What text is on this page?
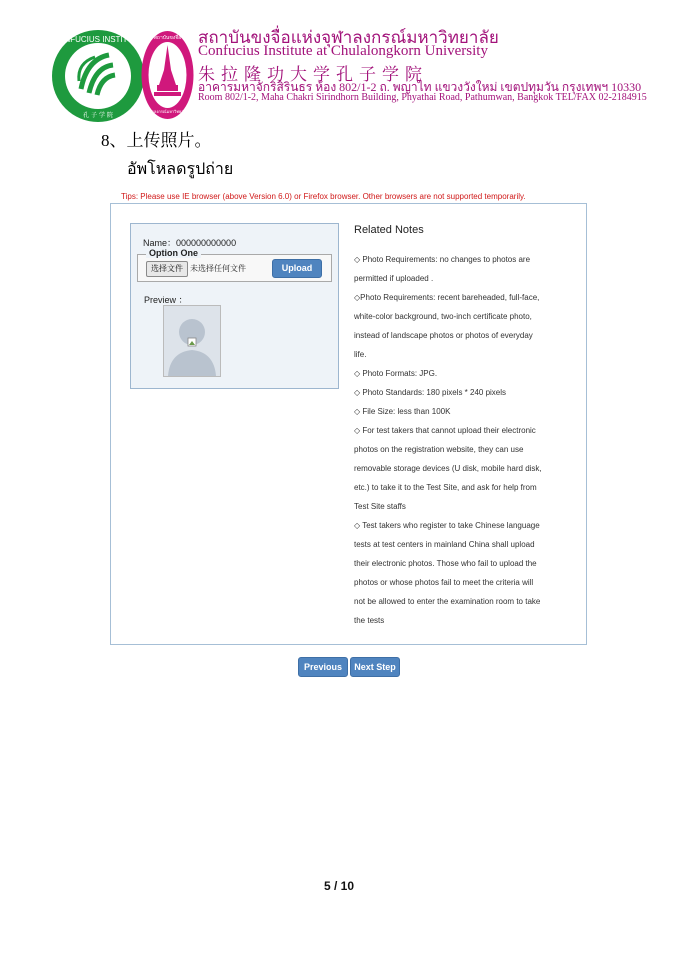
CONFUCIUS INSTITUTE
孔 子 学 院
สถาบันขงจื่อ
จุฬาลงกรณ์มหาวิทยาลัย
สถาบันขงจื่อแห่งจุฬาลงกรณ์มหาวิทยาลัย
Confucius Institute at Chulalongkorn University
朱拉隆功大学孔子学院
อาคารมหาจักริสิรินธร ห้อง 802/1-2 ถ. พญาไท แขวงวังใหม่ เขตปทุมวัน กรุงเทพฯ 10330
Room 802/1-2, Maha Chakri Sirindhorn Building, Phyathai Road, Pathumwan, Bangkok TEL/FAX 02-2184915
8、上传照片。
อัพโหลดรูปถ่าย
Tips: Please use IE browser (above Version 6.0) or Firefox browser. Other browsers are not supported temporarily.
Name：000000000000
Option One
选择文件 未选择任何文件	Upload
Preview ：
Related Notes
◇ Photo Requirements: no changes to photos are
permitted if uploaded .
◇Photo Requirements: recent bareheaded, full-face,
white-color background, two-inch certificate photo,
instead of landscape photos or photos of everyday
life.
◇ Photo Formats: JPG.
◇ Photo Standards: 180 pixels * 240 pixels
◇ File Size: less than 100K
◇ For test takers that cannot upload their electronic
photos on the registration website, they can use
removable storage devices (U disk, mobile hard disk,
etc.) to take it to the Test Site, and ask for help from
Test Site staffs
◇ Test takers who register to take Chinese language
tests at test centers in mainland China shall upload
their electronic photos. Those who fail to upload the
photos or whose photos fail to meet the criteria will
not be allowed to enter the examination room to take
the tests
Previous	Next Step
5 / 10
